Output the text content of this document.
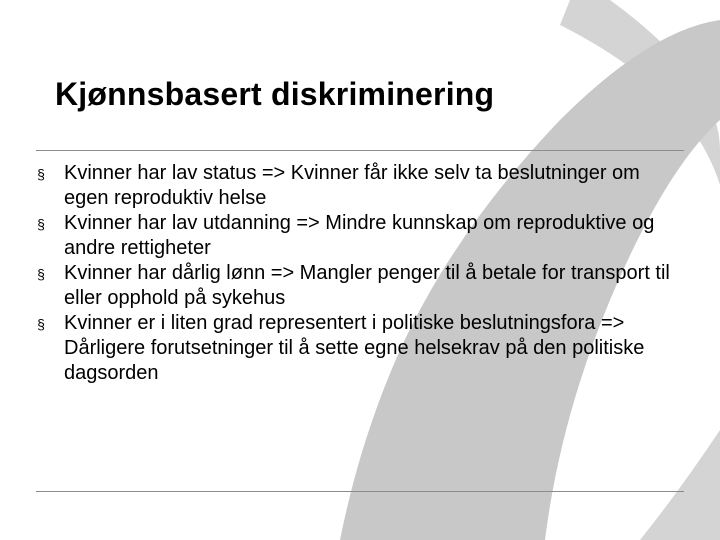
Kjønnsbasert diskriminering
§ Kvinner har lav status => Kvinner får ikke selv ta beslutninger om egen reproduktiv helse
§ Kvinner har lav utdanning => Mindre kunnskap om reproduktive og andre rettigheter
§ Kvinner har dårlig lønn => Mangler penger til å betale for transport til eller opphold på sykehus
§ Kvinner er i liten grad representert i politiske beslutningsfora => Dårligere forutsetninger til å sette egne helsekrav på den politiske dagsorden
